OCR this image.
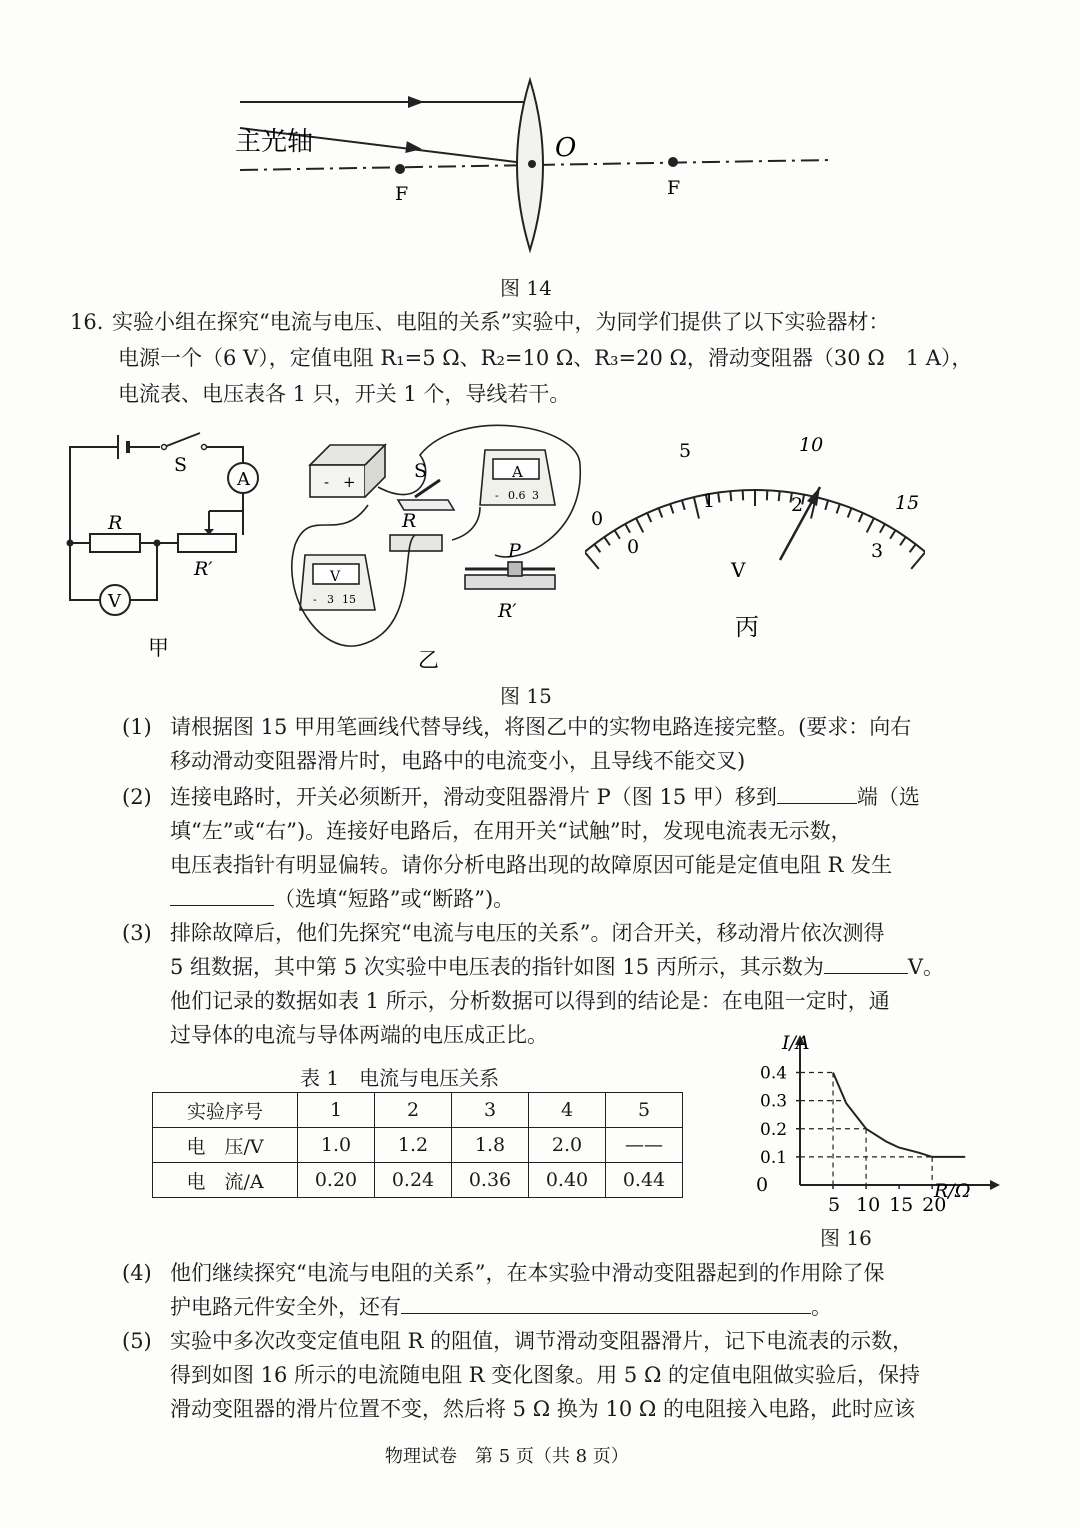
主光轴	O
F	F
图 14
16. 实验小组在探究“电流与电压、电阻的关系”实验中，为同学们提供了以下实验器材：
电源一个（6 V），定值电阻 R₁=5 Ω、R₂=10 Ω、R₃=20 Ω，滑动变阻器（30 Ω　1 A），
电流表、电压表各 1 只，开关 1 个，导线若干。
S
A
R
R′
V
甲
- +	S	A
- 0.6 3
R
V
- 3 15
P
R′
乙
0
5	10
15
0
1	2
3
V
丙
图 15
(1) 请根据图 15 甲用笔画线代替导线，将图乙中的实物电路连接完整。(要求：向右
移动滑动变阻器滑片时，电路中的电流变小，且导线不能交叉)
(2) 连接电路时，开关必须断开，滑动变阻器滑片 P（图 15 甲）移到	端（选
填“左”或“右”)。连接好电路后，在用开关“试触”时，发现电流表无示数，
电压表指针有明显偏转。请你分析电路出现的故障原因可能是定值电阻 R 发生
（选填“短路”或“断路”)。
(3) 排除故障后，他们先探究“电流与电压的关系”。闭合开关，移动滑片依次测得
5 组数据，其中第 5 次实验中电压表的指针如图 15 丙所示，其示数为	V。
他们记录的数据如表 1 所示，分析数据可以得到的结论是：在电阻一定时，通
过导体的电流与导体两端的电压成正比。
表 1　电流与电压关系
实验序号	1	2	3	4	5
电　压/V	1.0	1.2	1.8	2.0	——
电　流/A	0.20	0.24	0.36	0.40	0.44
I/A
R/Ω
0
0.1
0.2
0.3
0.4
5 10 15 20
图 16
(4) 他们继续探究“电流与电阻的关系”，在本实验中滑动变阻器起到的作用除了保
护电路元件安全外，还有	。
(5) 实验中多次改变定值电阻 R 的阻值，调节滑动变阻器滑片，记下电流表的示数，
得到如图 16 所示的电流随电阻 R 变化图象。用 5 Ω 的定值电阻做实验后，保持
滑动变阻器的滑片位置不变，然后将 5 Ω 换为 10 Ω 的电阻接入电路，此时应该
物理试卷　第 5 页（共 8 页）
